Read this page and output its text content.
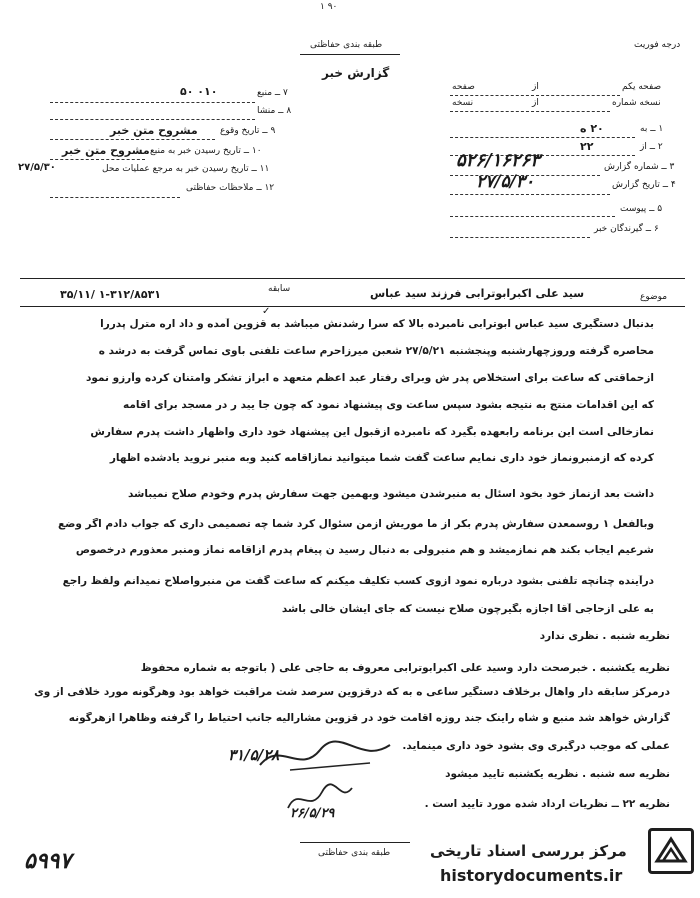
۹۰ ۱
طبقه بندی حفاظتی	درجه فوریت
گزارش خبر
صفحه یکم
از
صفحه
نسخه شماره
از
نسخه
۱ ــ به
۲۰ ه
۲ ــ از
۲۲
۳ ــ شماره گزارش
۵۲۶/۱۶۲۶۳
۴ ــ تاریخ گزارش
۲۷/۵/۳۰
۵ ــ پیوست
۶ ــ گیرندگان خبر
۷ ــ منبع
۰۱۰ ۵۰
۸ ــ منشا
۹ ــ تاریخ وقوع
مشروح متن خبر
۱۰ ــ تاریخ رسیدن خبر به منبع
مشروح متن خبر
۱۱ ــ تاریخ رسیدن خبر به مرجع عملیات محل
۲۷/۵/۳۰
۱۲ ــ ملاحظات حفاظتی
موضوع
سید علی اکبرابوترابی فرزند سید عباس
سابقه
۳۵/۱۱/ ۱-۳۱۲/۸۵۳۱
✓
بدنبال دستگیری سید عباس ابوترابی نامبرده بالا که سرا رشدنش میباشد به قزوین آمده و داد اره مترل پدررا
محاصره گرفته وروزچهارشنبه وپنجشنبه ۲۷/۵/۲۱ شعبن میرزاحرم ساعت تلفنی باوی تماس گرفت به درشد ه
ازحماقتی که ساعت برای استخلاص پدر ش وبرای رفتار عبد اعظم متعهد ه ابراز تشکر وامتنان کرده وآرزو نمود
که این اقدامات منتج به نتیجه بشود سپس ساعت وی پیشنهاد نمود که چون جا یید ر در مسجد برای اقامه
نمازخالی است این برنامه رابعهده بگیرد که نامبرده ازقبول این پیشنهاد خود داری واظهار داشت پدرم سفارش
کرده که ازمنبرونماز خود داری نمایم ساعت گفت شما میتوانید نمازاقامه کنید وبه منبر نروید یادشده اظهار
داشت بعد ازنماز خود بخود اسئال به منبرشدن میشود وبهمین جهت سفارش پدرم وخودم صلاح نمیباشد
وبالفعل ۱ روسمعدن سفارش پدرم بکر از ما موریش ازمن سئوال کرد شما چه تصمیمی داری که جواب دادم اگر وضع
شرعیم ایجاب بکند هم نمازمیشد و هم منبرولی به دنبال رسید ن پیغام پدرم ازاقامه نماز ومنبر معذورم درخصوص
درآینده چنانچه تلفنی بشود درباره نمود ازوی کسب تکلیف میکنم که ساعت گفت من منبرواصلاح نمیدانم ولفظ راجع
به علی ازحاجی آقا اجازه بگیرچون صلاح نیست که جای ایشان خالی باشد
نظریه شنبه . نظری ندارد
نظریه یکشنبه . خبرصحت دارد وسید علی اکبرابوترابی معروف به حاجی علی ( باتوجه به شماره محفوظ
درمرکز سابقه دار واهال برخلاف دستگیر ساعی ه به که درقزوین سرصد شت مراقبت خواهد بود وهرگونه مورد خلافی از وی
گزارش خواهد شد منبع و شاه راینک جند روزه اقامت خود در قزوین مشارالیه جانب احتیاط را گرفته وظاهرا ازهرگونه
عملی که موجب درگیری وی بشود خود داری مینماید.
نظریه سه شنبه . نظریه یکشنبه تایید میشود
نظریه ۲۲ ــ نظریات ارداد شده مورد تایید است .
۳۱/۵/۲۸
۲۶/۵/۲۹
طبقه بندی حفاظتی
۵۹۹۷	مرکز بررسی اسناد تاریخی
historydocuments.ir
